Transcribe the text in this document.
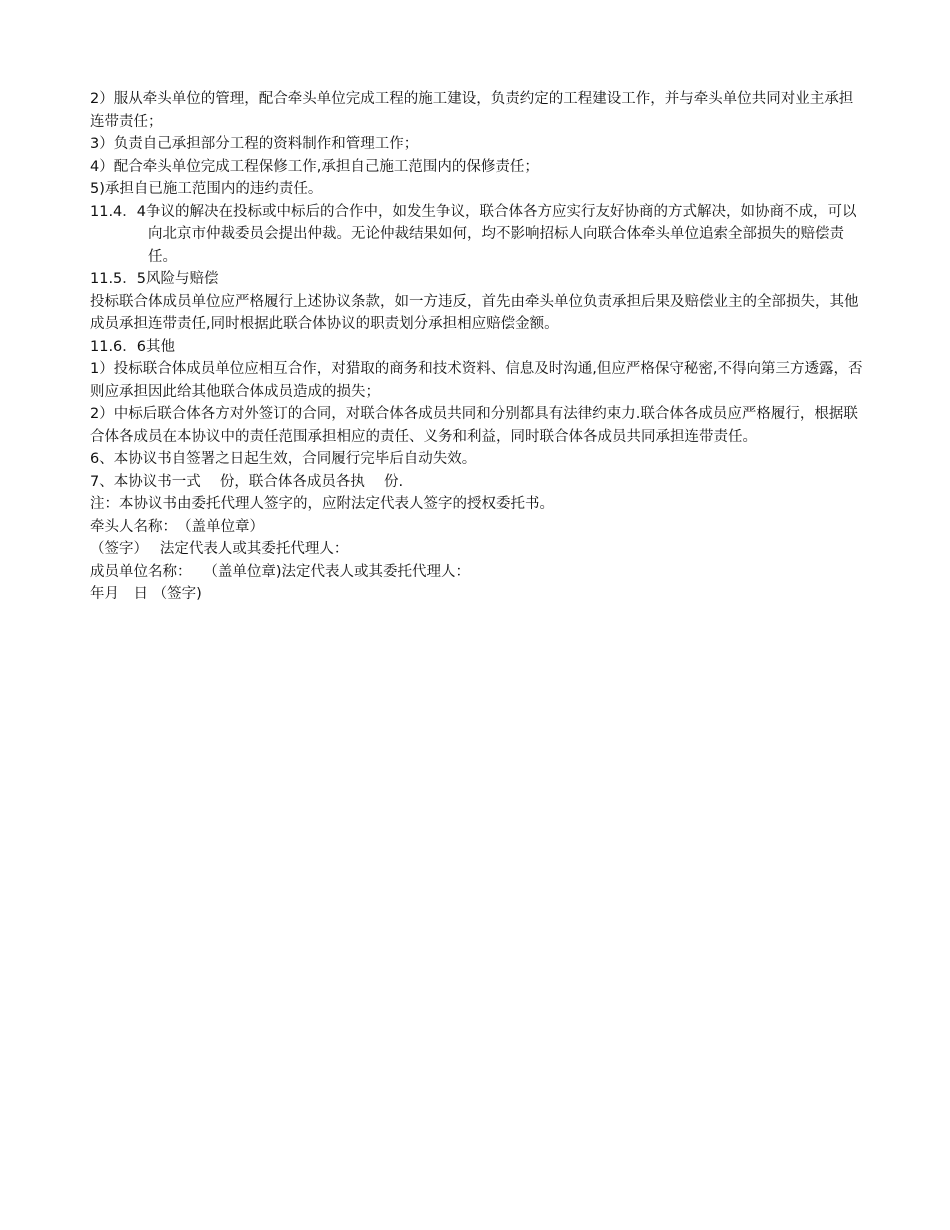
2）服从牵头单位的管理，配合牵头单位完成工程的施工建设，负责约定的工程建设工作，并与牵头单位共同对业主承担连带责任；

3）负责自己承担部分工程的资料制作和管理工作；

4）配合牵头单位完成工程保修工作,承担自己施工范围内的保修责任；

5)承担自已施工范围内的违约责任。

11.4．4争议的解决在投标或中标后的合作中，如发生争议，联合体各方应实行友好协商的方式解决，如协商不成，可以向北京市仲裁委员会提出仲裁。无论仲裁结果如何，均不影响招标人向联合体牵头单位追索全部损失的赔偿责任。

11.5．5风险与赔偿

投标联合体成员单位应严格履行上述协议条款，如一方违反，首先由牵头单位负责承担后果及赔偿业主的全部损失，其他成员承担连带责任,同时根据此联合体协议的职责划分承担相应赔偿金额。

11.6．6其他

1）投标联合体成员单位应相互合作，对猎取的商务和技术资料、信息及时沟通,但应严格保守秘密,不得向第三方透露，否则应承担因此给其他联合体成员造成的损失；

2）中标后联合体各方对外签订的合同，对联合体各成员共同和分别都具有法律约束力.联合体各成员应严格履行，根据联合体各成员在本协议中的责任范围承担相应的责任、义务和利益，同时联合体各成员共同承担连带责任。

6、本协议书自签署之日起生效，合同履行完毕后自动失效。

7、本协议书一式　 份，联合体各成员各执　 份.

注：本协议书由委托代理人签字的，应附法定代表人签字的授权委托书。

牵头人名称：　（盖单位章）

（签字）　 法定代表人或其委托代理人：

成员单位名称：　 （盖单位章)法定代表人或其委托代理人：

年月　日 （签字)
